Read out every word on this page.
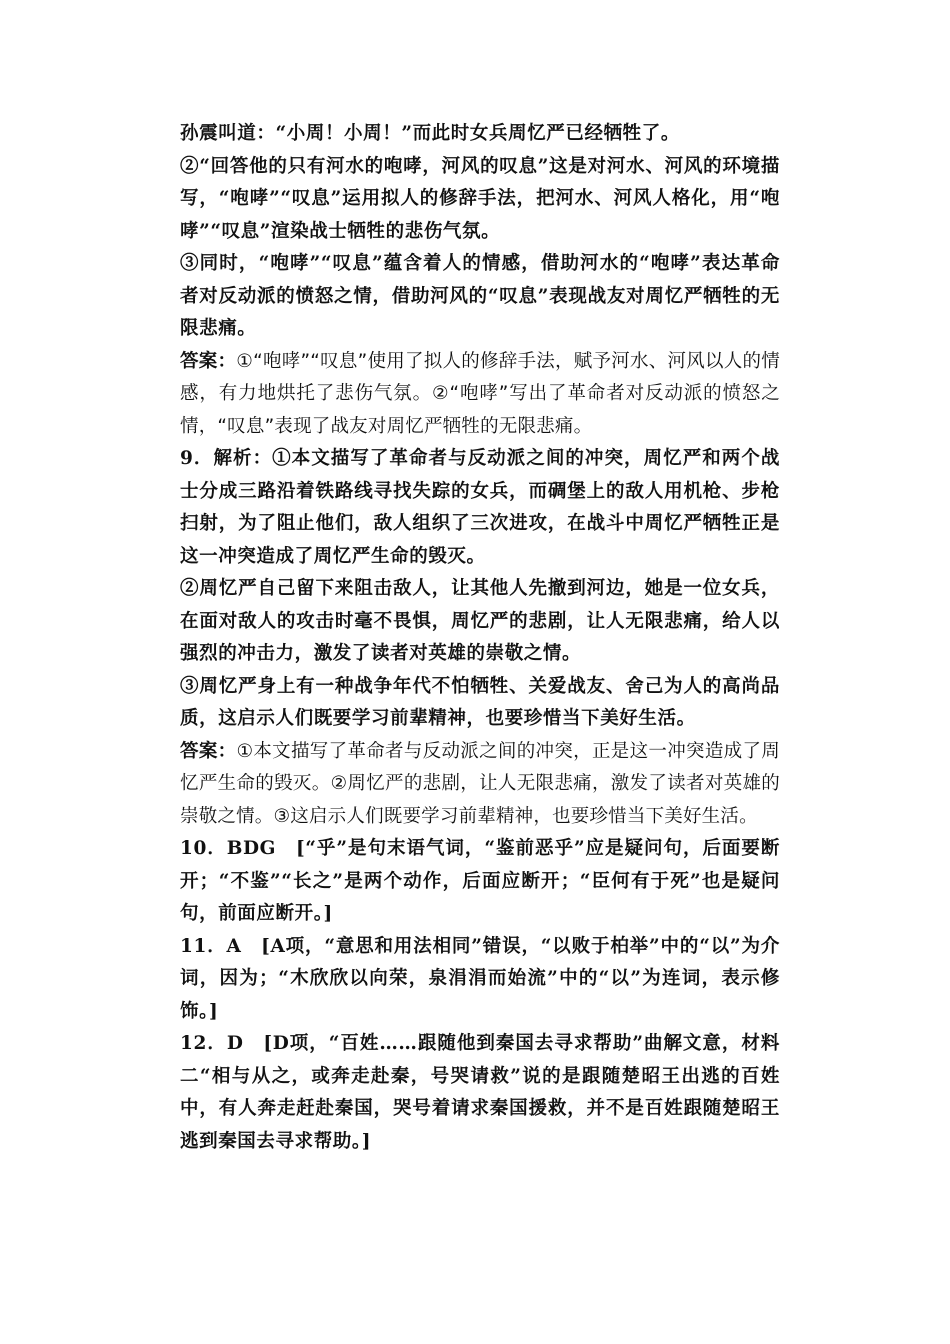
孙震叫道：“小周！小周！”而此时女兵周忆严已经牺牲了。

②“回答他的只有河水的咆哮，河风的叹息”这是对河水、河风的环境描写，“咆哮”“叹息”运用拟人的修辞手法，把河水、河风人格化，用“咆哮”“叹息”渲染战士牺牲的悲伤气氛。

③同时，“咆哮”“叹息”蕴含着人的情感，借助河水的“咆哮”表达革命者对反动派的愤怒之情，借助河风的“叹息”表现战友对周忆严牺牲的无限悲痛。

答案：①“咆哮”“叹息”使用了拟人的修辞手法，赋予河水、河风以人的情感，有力地烘托了悲伤气氛。②“咆哮”写出了革命者对反动派的愤怒之情，“叹息”表现了战友对周忆严牺牲的无限悲痛。

9．解析：①本文描写了革命者与反动派之间的冲突，周忆严和两个战士分成三路沿着铁路线寻找失踪的女兵，而碉堡上的敌人用机枪、步枪扫射，为了阻止他们，敌人组织了三次进攻，在战斗中周忆严牺牲正是这一冲突造成了周忆严生命的毁灭。

②周忆严自己留下来阻击敌人，让其他人先撤到河边，她是一位女兵，在面对敌人的攻击时毫不畏惧，周忆严的悲剧，让人无限悲痛，给人以强烈的冲击力，激发了读者对英雄的崇敬之情。

③周忆严身上有一种战争年代不怕牺牲、关爱战友、舍己为人的高尚品质，这启示人们既要学习前辈精神，也要珍惜当下美好生活。

答案：①本文描写了革命者与反动派之间的冲突，正是这一冲突造成了周忆严生命的毁灭。②周忆严的悲剧，让人无限悲痛，激发了读者对英雄的崇敬之情。③这启示人们既要学习前辈精神，也要珍惜当下美好生活。

10．BDG　[“乎”是句末语气词，“鉴前恶乎”应是疑问句，后面要断开；“不鉴”“长之”是两个动作，后面应断开；“臣何有于死”也是疑问句，前面应断开。]

11．A　[A项，“意思和用法相同”错误，“以败于柏举”中的“以”为介词，因为；“木欣欣以向荣，泉涓涓而始流”中的“以”为连词，表示修饰。]

12．D　[D项，“百姓……跟随他到秦国去寻求帮助”曲解文意，材料二“相与从之，或奔走赴秦，号哭请救”说的是跟随楚昭王出逃的百姓中，有人奔走赶赴秦国，哭号着请求秦国援救，并不是百姓跟随楚昭王逃到秦国去寻求帮助。]
